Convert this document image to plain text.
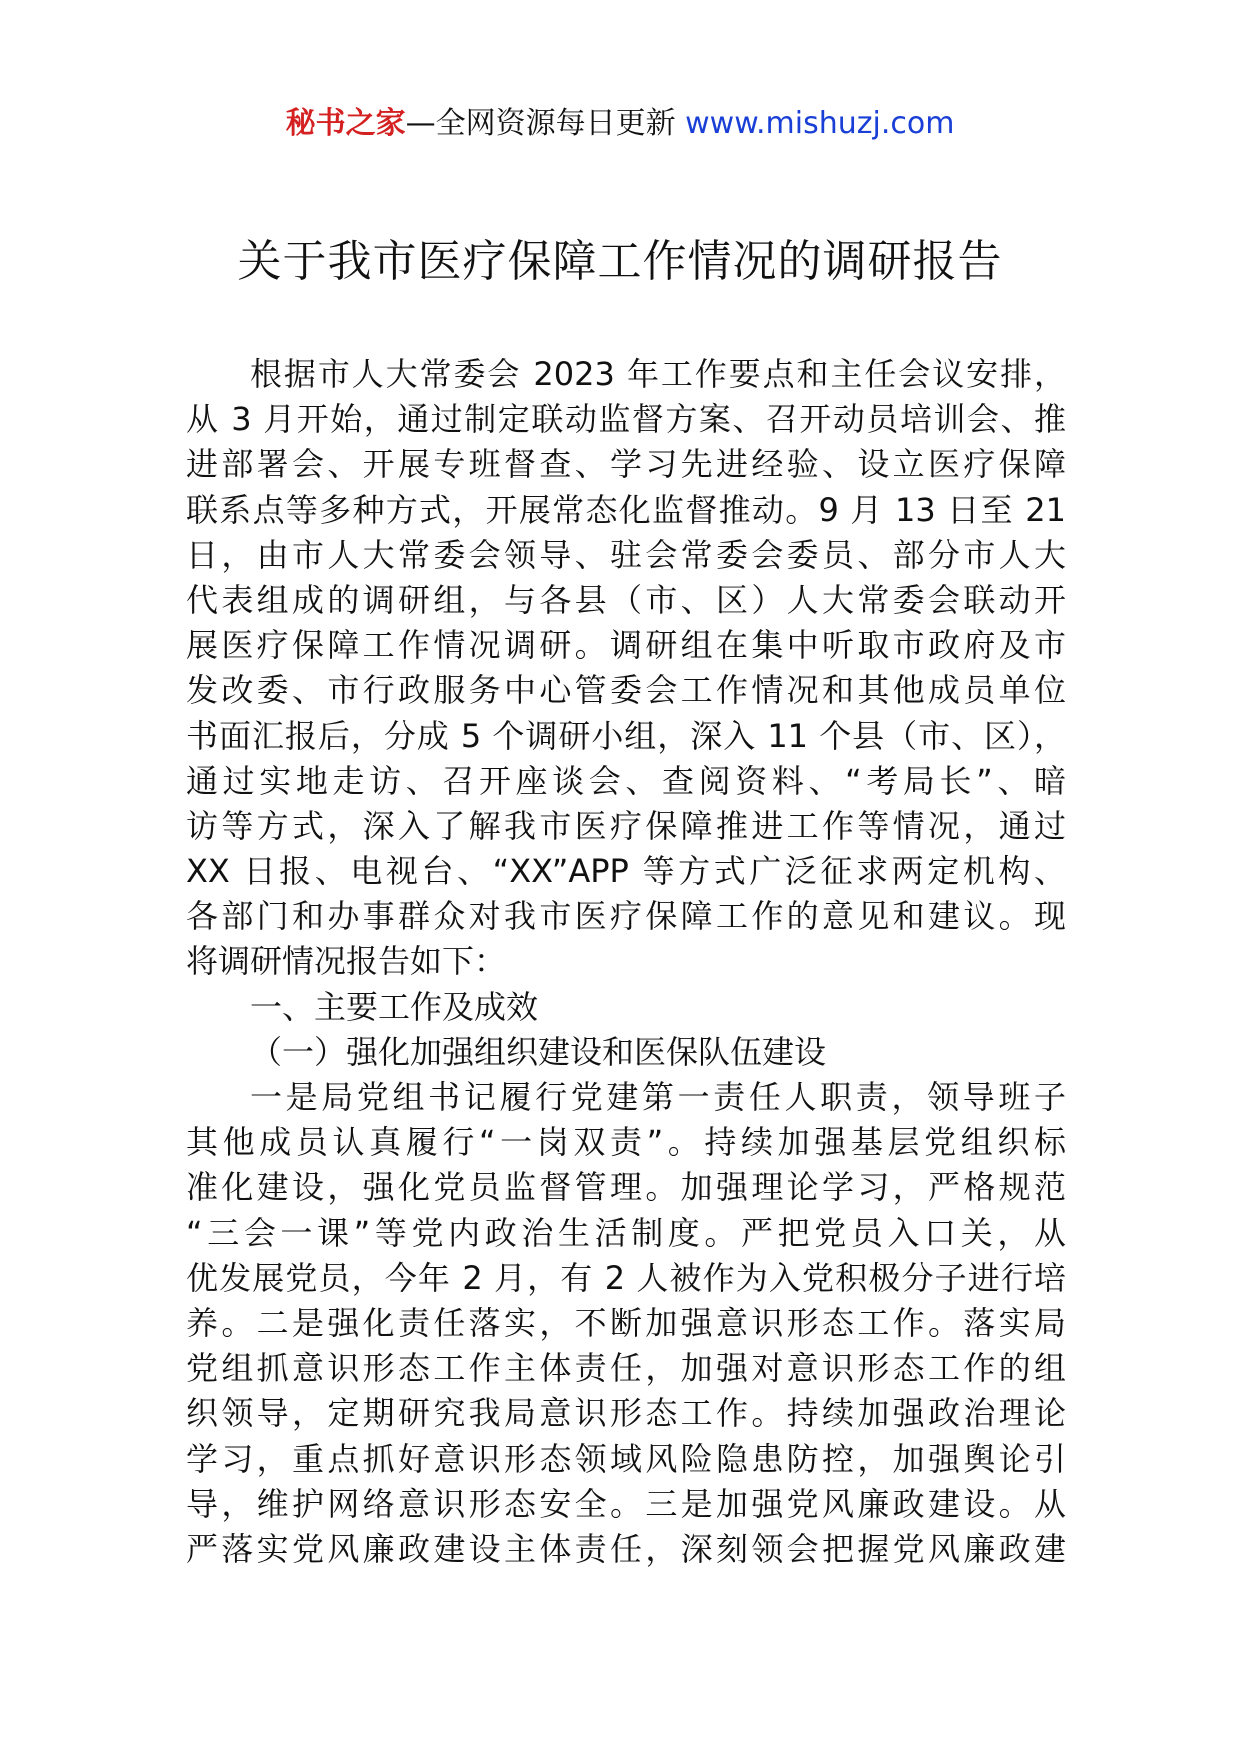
秘书之家—全网资源每日更新 www.mishuzj.com
关于我市医疗保障工作情况的调研报告
根据市人大常委会 2023 年工作要点和主任会议安排，
从 3 月开始，通过制定联动监督方案、召开动员培训会、推
进部署会、开展专班督查、学习先进经验、设立医疗保障
联系点等多种方式，开展常态化监督推动。9 月 13 日至 21
日，由市人大常委会领导、驻会常委会委员、部分市人大
代表组成的调研组，与各县（市、区）人大常委会联动开
展医疗保障工作情况调研。调研组在集中听取市政府及市
发改委、市行政服务中心管委会工作情况和其他成员单位
书面汇报后，分成 5 个调研小组，深入 11 个县（市、区），
通过实地走访、召开座谈会、查阅资料、“考局长”、暗
访等方式，深入了解我市医疗保障推进工作等情况，通过
XX 日报、电视台、“XX”APP 等方式广泛征求两定机构、
各部门和办事群众对我市医疗保障工作的意见和建议。现
将调研情况报告如下：
一、主要工作及成效
（一）强化加强组织建设和医保队伍建设
一是局党组书记履行党建第一责任人职责，领导班子
其他成员认真履行“一岗双责”。持续加强基层党组织标
准化建设，强化党员监督管理。加强理论学习，严格规范
“三会一课”等党内政治生活制度。严把党员入口关，从
优发展党员，今年 2 月，有 2 人被作为入党积极分子进行培
养。二是强化责任落实，不断加强意识形态工作。落实局
党组抓意识形态工作主体责任，加强对意识形态工作的组
织领导，定期研究我局意识形态工作。持续加强政治理论
学习，重点抓好意识形态领域风险隐患防控，加强舆论引
导，维护网络意识形态安全。三是加强党风廉政建设。从
严落实党风廉政建设主体责任，深刻领会把握党风廉政建
